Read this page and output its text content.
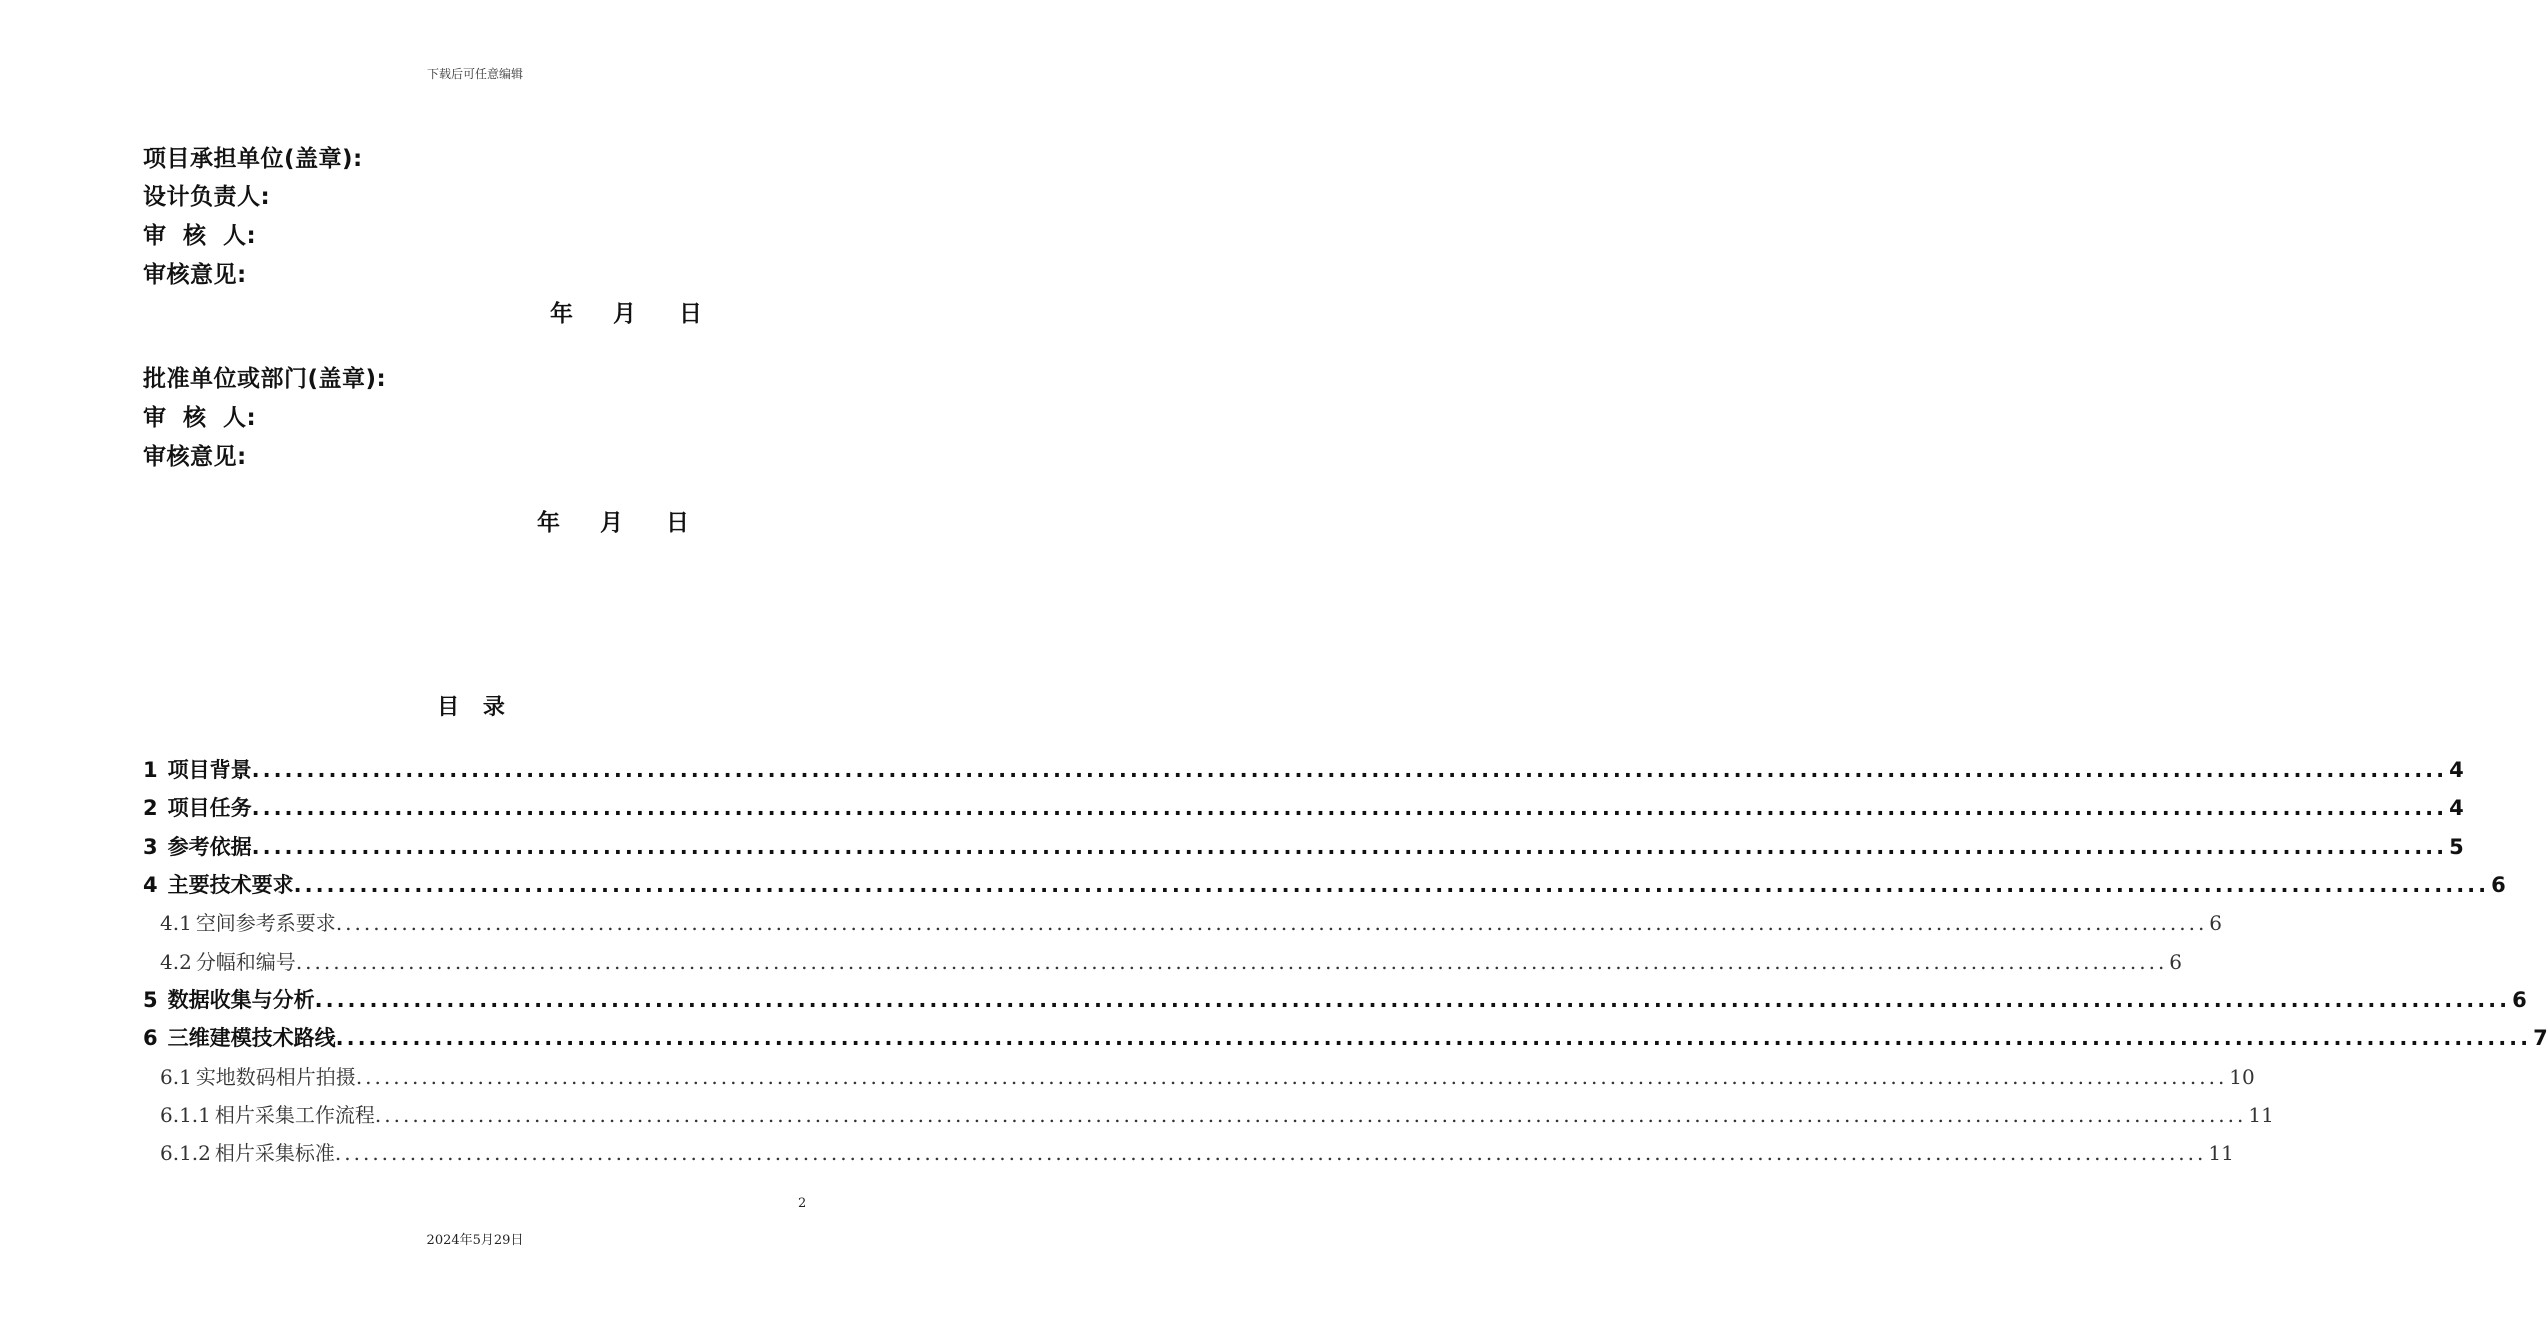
下载后可任意编辑
项目承担单位(盖章):
设计负责人:
审 核 人:
审核意见:
年 月 日
批准单位或部门(盖章):
审 核 人:
审核意见:
年 月 日
目 录
1 项目背景 ........................................................................................................................................................................................................ 4
2 项目任务 ........................................................................................................................................................................................................ 4
3 参考依据 ........................................................................................................................................................................................................ 5
4 主要技术要求 ........................................................................................................................................................................................................ 6
4.1 空间参考系要求 ........................................................................................................................................................................................................ 6
4.2 分幅和编号 ........................................................................................................................................................................................................ 6
5 数据收集与分析 ........................................................................................................................................................................................................ 6
6 三维建模技术路线 ........................................................................................................................................................................................................ 7
6.1 实地数码相片拍摄 ........................................................................................................................................................................................................ 10
6.1.1 相片采集工作流程 ........................................................................................................................................................................................................ 11
6.1.2 相片采集标准 ........................................................................................................................................................................................................ 11
2
2024年5月29日
